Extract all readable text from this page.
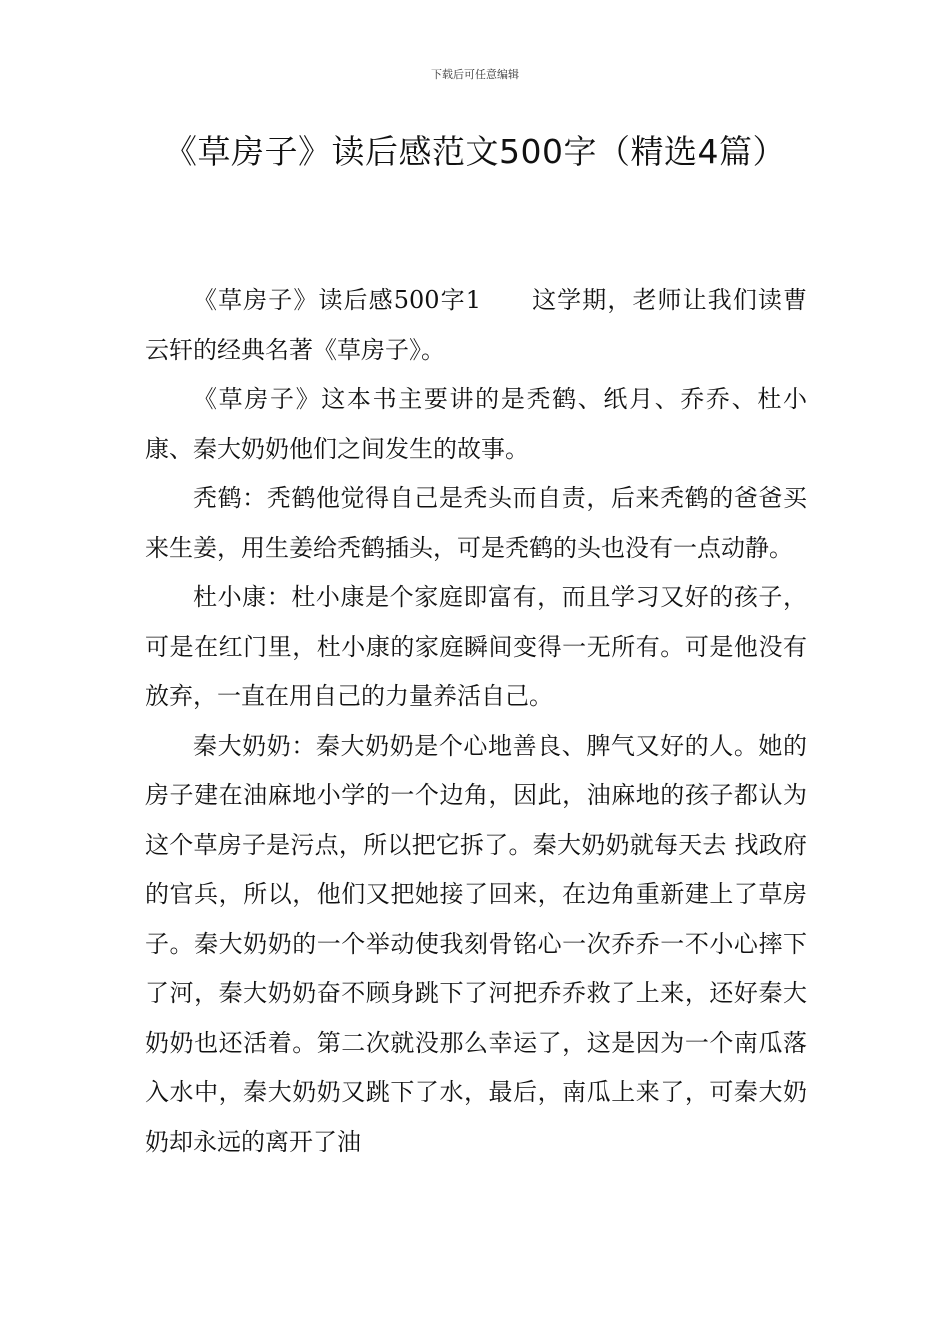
下载后可任意编辑
《草房子》读后感范文500字（精选4篇）

《草房子》读后感500字1 这学期，老师让我们读曹云轩的经典名著《草房子》。

《草房子》这本书主要讲的是秃鹤、纸月、乔乔、杜小康、秦大奶奶他们之间发生的故事。

秃鹤：秃鹤他觉得自己是秃头而自责，后来秃鹤的爸爸买来生姜，用生姜给秃鹤插头，可是秃鹤的头也没有一点动静。

杜小康：杜小康是个家庭即富有，而且学习又好的孩子，可是在红门里，杜小康的家庭瞬间变得一无所有。可是他没有放弃，一直在用自己的力量养活自己。

秦大奶奶：秦大奶奶是个心地善良、脾气又好的人。她的房子建在油麻地小学的一个边角，因此，油麻地的孩子都认为这个草房子是污点，所以把它拆了。秦大奶奶就每天去 找政府的官兵，所以，他们又把她接了回来，在边角重新建上了草房子。秦大奶奶的一个举动使我刻骨铭心一次乔乔一不小心摔下了河，秦大奶奶奋不顾身跳下了河把乔乔救了上来，还好秦大奶奶也还活着。第二次就没那么幸运了，这是因为一个南瓜落入水中，秦大奶奶又跳下了水，最后，南瓜上来了，可秦大奶奶却永远的离开了油
